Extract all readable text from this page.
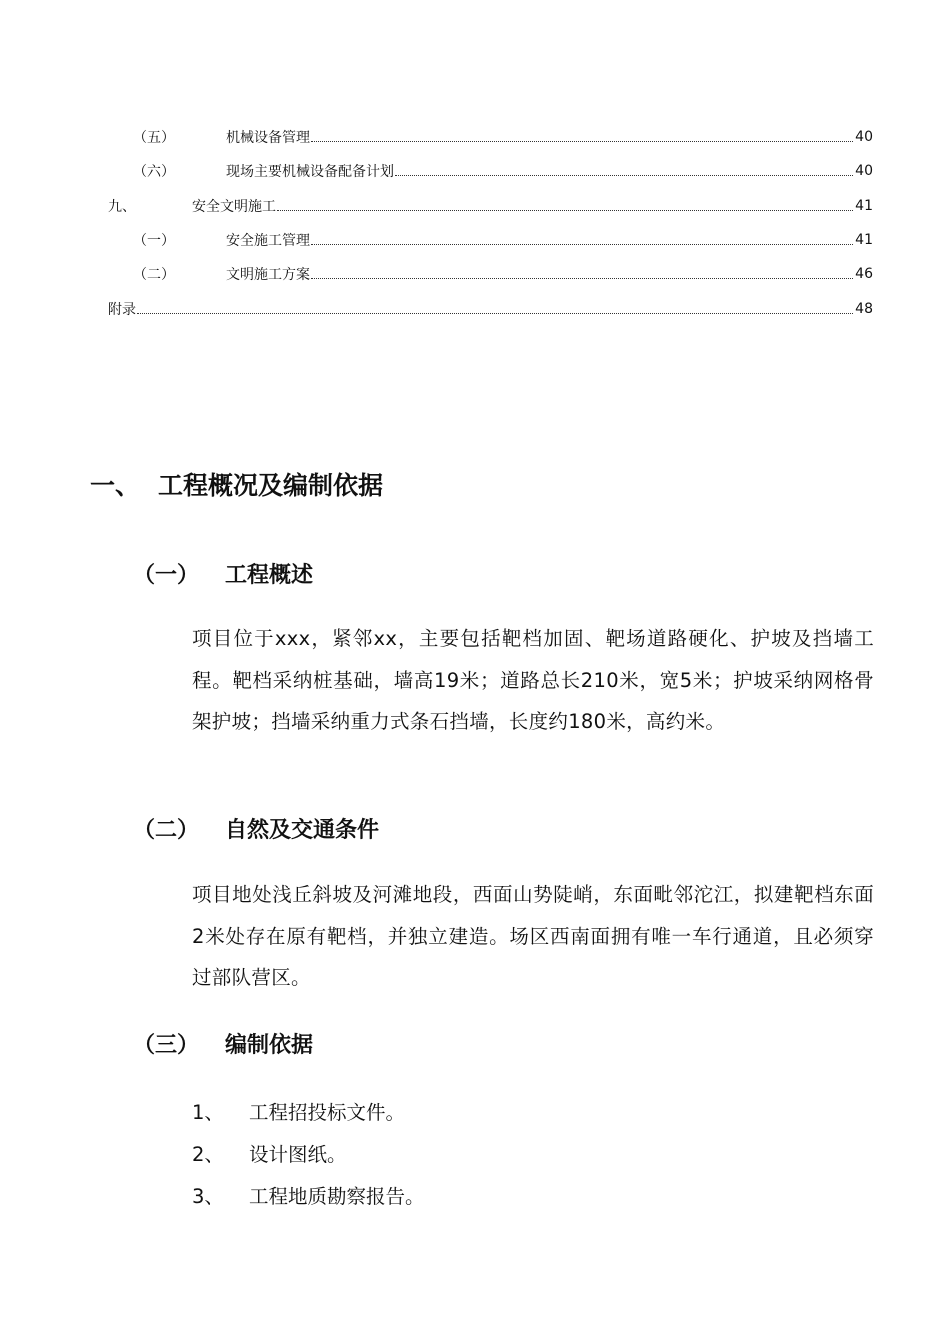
（五）	机械设备管理	40
（六）	现场主要机械设备配备计划	40
九、	安全文明施工	41
（一）	安全施工管理	41
（二）	文明施工方案	46
附录	48
一、 工程概况及编制依据
（一）	工程概述
项目位于xxx，紧邻xx，主要包括靶档加固、靶场道路硬化、护坡及挡墙工程。靶档采纳桩基础，墙高19米；道路总长210米，宽5米；护坡采纳网格骨架护坡；挡墙采纳重力式条石挡墙，长度约180米，高约米。
（二）	自然及交通条件
项目地处浅丘斜坡及河滩地段，西面山势陡峭，东面毗邻沱江，拟建靶档东面2米处存在原有靶档，并独立建造。场区西南面拥有唯一车行通道，且必须穿过部队营区。
（三）	编制依据
1、	工程招投标文件。
2、	设计图纸。
3、	工程地质勘察报告。
